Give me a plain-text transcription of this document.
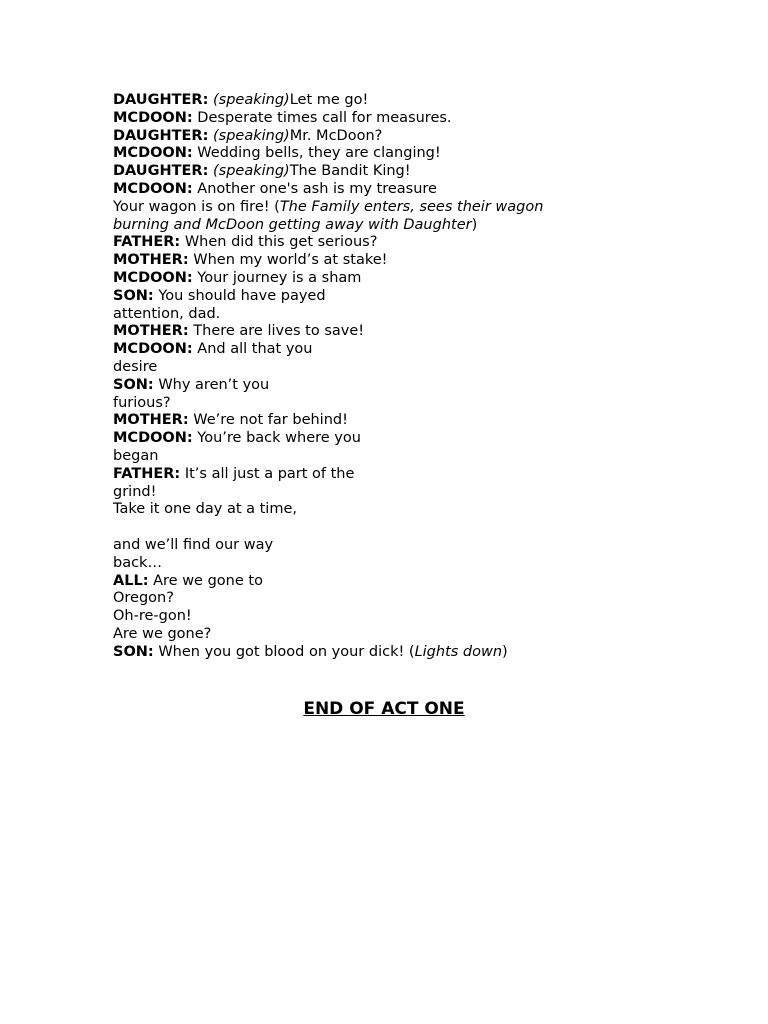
DAUGHTER: (speaking)Let me go!
MCDOON: Desperate times call for measures.
DAUGHTER: (speaking)Mr. McDoon?
MCDOON: Wedding bells, they are clanging!
DAUGHTER: (speaking)The Bandit King!
MCDOON: Another one's ash is my treasure
Your wagon is on fire! (The Family enters, sees their wagon
burning and McDoon getting away with Daughter)
FATHER: When did this get serious?
MOTHER: When my world’s at stake!
MCDOON: Your journey is a sham
SON: You should have payed
attention, dad.
MOTHER: There are lives to save!
MCDOON: And all that you
desire
SON: Why aren’t you
furious?
MOTHER: We’re not far behind!
MCDOON: You’re back where you
began
FATHER: It’s all just a part of the
grind!
Take it one day at a time,
and we’ll find our way
back…
ALL: Are we gone to
Oregon?
Oh-re-gon!
Are we gone?
SON: When you got blood on your dick! (Lights down)
END OF ACT ONE
